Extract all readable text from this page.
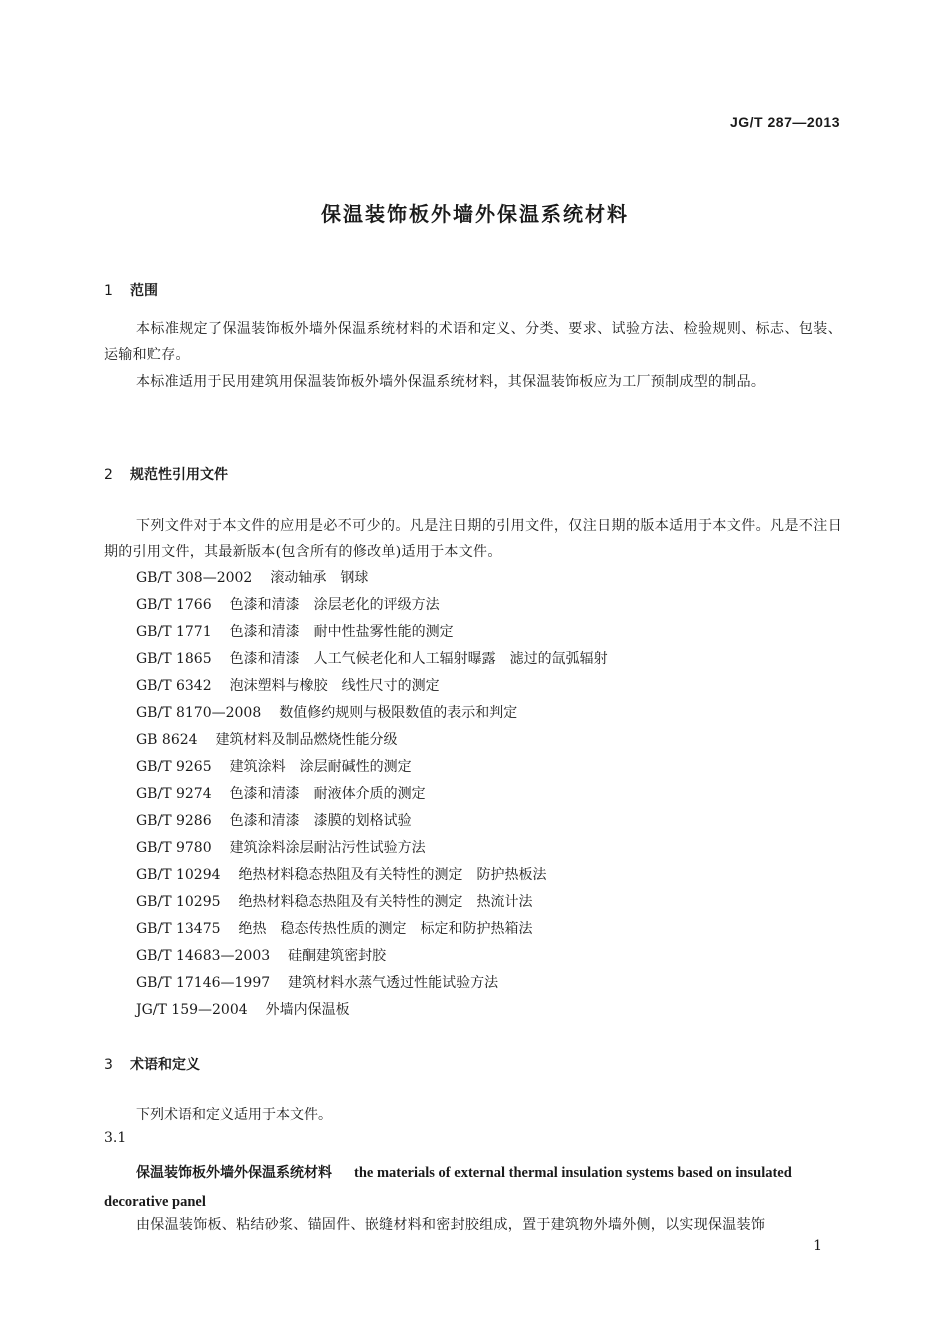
JG/T 287—2013
保温装饰板外墙外保温系统材料
1 范围

本标准规定了保温装饰板外墙外保温系统材料的术语和定义、分类、要求、试验方法、检验规则、标志、包装、运输和贮存。

本标准适用于民用建筑用保温装饰板外墙外保温系统材料，其保温装饰板应为工厂预制成型的制品。

2 规范性引用文件

下列文件对于本文件的应用是必不可少的。凡是注日期的引用文件，仅注日期的版本适用于本文件。凡是不注日期的引用文件，其最新版本(包含所有的修改单)适用于本文件。

GB/T 308—2002 滚动轴承　钢球
GB/T 1766 色漆和清漆　涂层老化的评级方法
GB/T 1771 色漆和清漆　耐中性盐雾性能的测定
GB/T 1865 色漆和清漆　人工气候老化和人工辐射曝露　滤过的氙弧辐射
GB/T 6342 泡沫塑料与橡胶　线性尺寸的测定
GB/T 8170—2008 数值修约规则与极限数值的表示和判定
GB 8624 建筑材料及制品燃烧性能分级
GB/T 9265 建筑涂料　涂层耐碱性的测定
GB/T 9274 色漆和清漆　耐液体介质的测定
GB/T 9286 色漆和清漆　漆膜的划格试验
GB/T 9780 建筑涂料涂层耐沾污性试验方法
GB/T 10294 绝热材料稳态热阻及有关特性的测定　防护热板法
GB/T 10295 绝热材料稳态热阻及有关特性的测定　热流计法
GB/T 13475 绝热　稳态传热性质的测定　标定和防护热箱法
GB/T 14683—2003 硅酮建筑密封胶
GB/T 17146—1997 建筑材料水蒸气透过性能试验方法
JG/T 159—2004 外墙内保温板
3 术语和定义
下列术语和定义适用于本文件。
3.1
保温装饰板外墙外保温系统材料 the materials of external thermal insulation systems based on insulated decorative panel
由保温装饰板、粘结砂浆、锚固件、嵌缝材料和密封胶组成，置于建筑物外墙外侧，以实现保温装饰
1
